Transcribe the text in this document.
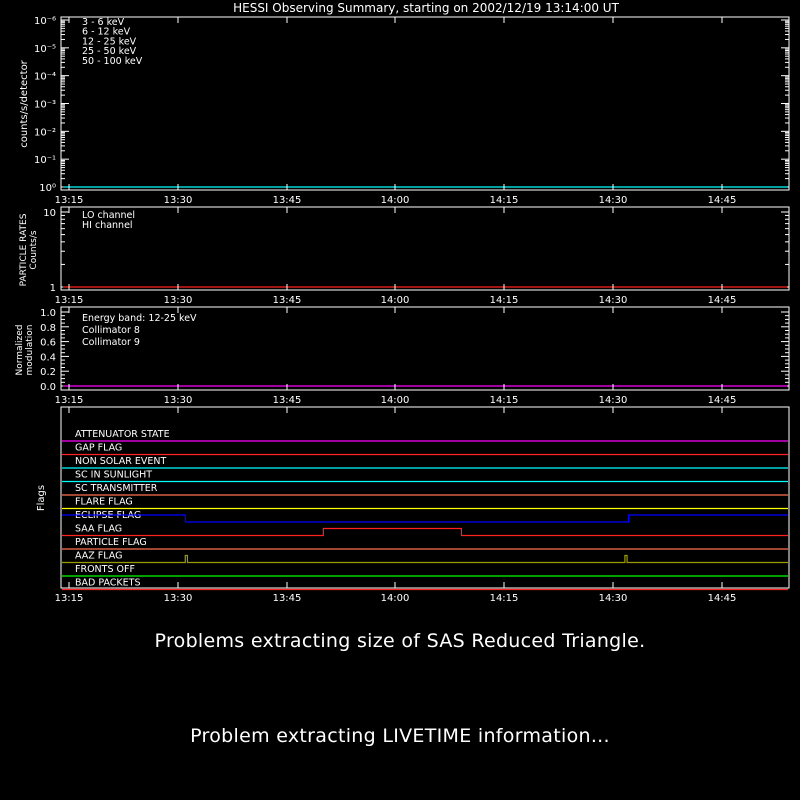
HESSI Observing Summary, starting on 2002/12/19 13:14:00 UT
10⁰
10⁻¹
10⁻²
10⁻³
10⁻⁴
10⁻⁵
10⁻⁶
counts/s/detector
3 - 6 keV
6 - 12 keV
12 - 25 keV
25 - 50 keV
50 - 100 keV
13:15	13:30	13:45	14:00	14:15	14:30	14:45
1
10
PARTICLE RATESCounts/s
LO channel
HI channel
13:15	13:30	13:45	14:00	14:15	14:30	14:45
0.0
0.2
0.4
0.6
0.8
1.0
Normalizedmodulation
Energy band: 12-25 keV
Collimator 8
Collimator 9
13:15	13:30	13:45	14:00	14:15	14:30	14:45
Flags
ATTENUATOR STATE
GAP FLAG
NON SOLAR EVENT
SC IN SUNLIGHT
SC TRANSMITTER
FLARE FLAG
ECLIPSE FLAG
SAA FLAG
PARTICLE FLAG
AAZ FLAG
FRONTS OFF
BAD PACKETS
13:15	13:30	13:45	14:00	14:15	14:30	14:45
Problems extracting size of SAS Reduced Triangle.
Problem extracting LIVETIME information...
